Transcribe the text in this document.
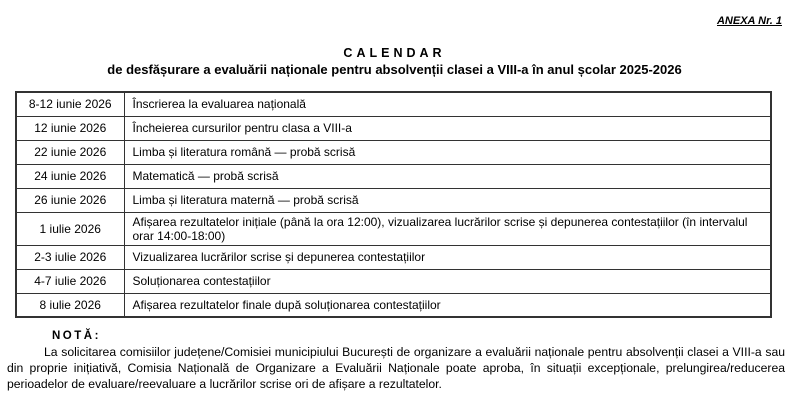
ANEXA Nr. 1
CALENDAR
de desfășurare a evaluării naționale pentru absolvenții clasei a VIII-a în anul școlar 2025-2026
8-12 iunie 2026	Înscrierea la evaluarea națională
12 iunie 2026	Încheierea cursurilor pentru clasa a VIII-a
22 iunie 2026	Limba și literatura română — probă scrisă
24 iunie 2026	Matematică — probă scrisă
26 iunie 2026	Limba și literatura maternă — probă scrisă
1 iulie 2026	Afișarea rezultatelor inițiale (până la ora 12:00), vizualizarea lucrărilor scrise și depunerea contestațiilor (în intervalul orar 14:00-18:00)
2-3 iulie 2026	Vizualizarea lucrărilor scrise și depunerea contestațiilor
4-7 iulie 2026	Soluționarea contestațiilor
8 iulie 2026	Afișarea rezultatelor finale după soluționarea contestațiilor
NOTĂ:
La solicitarea comisiilor județene/Comisiei municipiului București de organizare a evaluării naționale pentru absolvenții clasei a VIII-a sau din proprie inițiativă, Comisia Națională de Organizare a Evaluării Naționale poate aproba, în situații excepționale, prelungirea/reducerea perioadelor de evaluare/reevaluare a lucrărilor scrise ori de afișare a rezultatelor.
